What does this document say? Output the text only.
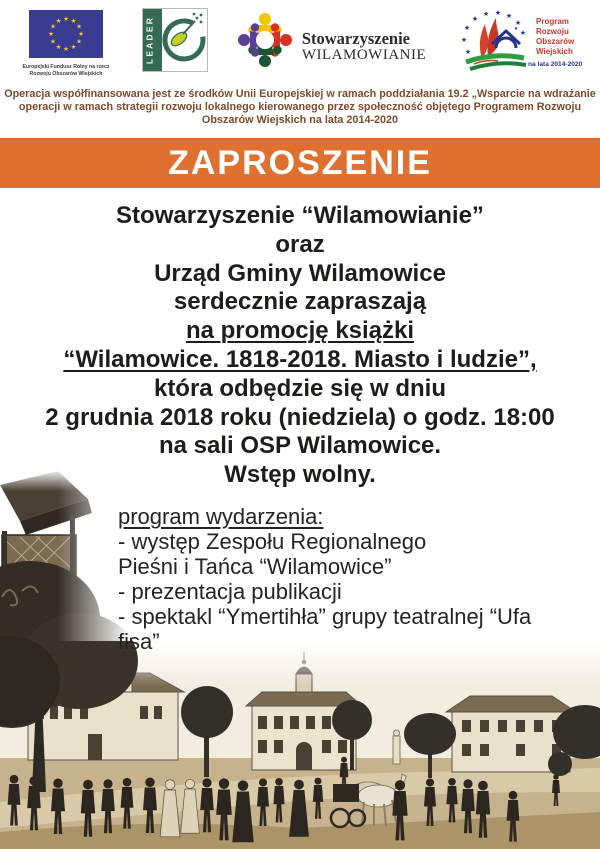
★ ★
★
★
★
★
★
★
★
★
★
★
Europejski Fundusz Rolny na rzecz
Rozwoju Obszarów Wiejskich
LEADER	Stowarzyszenie
WILAMOWIANIE	★
★
★
★
★ ★ ★
★
★
★
Program
Rozwoju
Obszarów
Wiejskich
na lata 2014-2020
Operacja współfinansowana jest ze środków Unii Europejskiej w ramach poddziałania 19.2 „Wsparcie na wdrażanie
operacji w ramach strategii rozwoju lokalnego kierowanego przez społeczność objętego Programem Rozwoju
Obszarów Wiejskich na lata 2014-2020
ZAPROSZENIE
Stowarzyszenie “Wilamowianie”
oraz
Urząd Gminy Wilamowice
serdecznie zapraszają
na promocję książki
“Wilamowice. 1818-2018. Miasto i ludzie”,
która odbędzie się w dniu
2 grudnia 2018 roku (niedziela) o godz. 18:00
na sali OSP Wilamowice.
Wstęp wolny.
program wydarzenia:
- występ Zespołu Regionalnego
Pieśni i Tańca “Wilamowice”
- prezentacja publikacji
- spektakl “Ymertihła” grupy teatralnej “Ufa
fisa”
